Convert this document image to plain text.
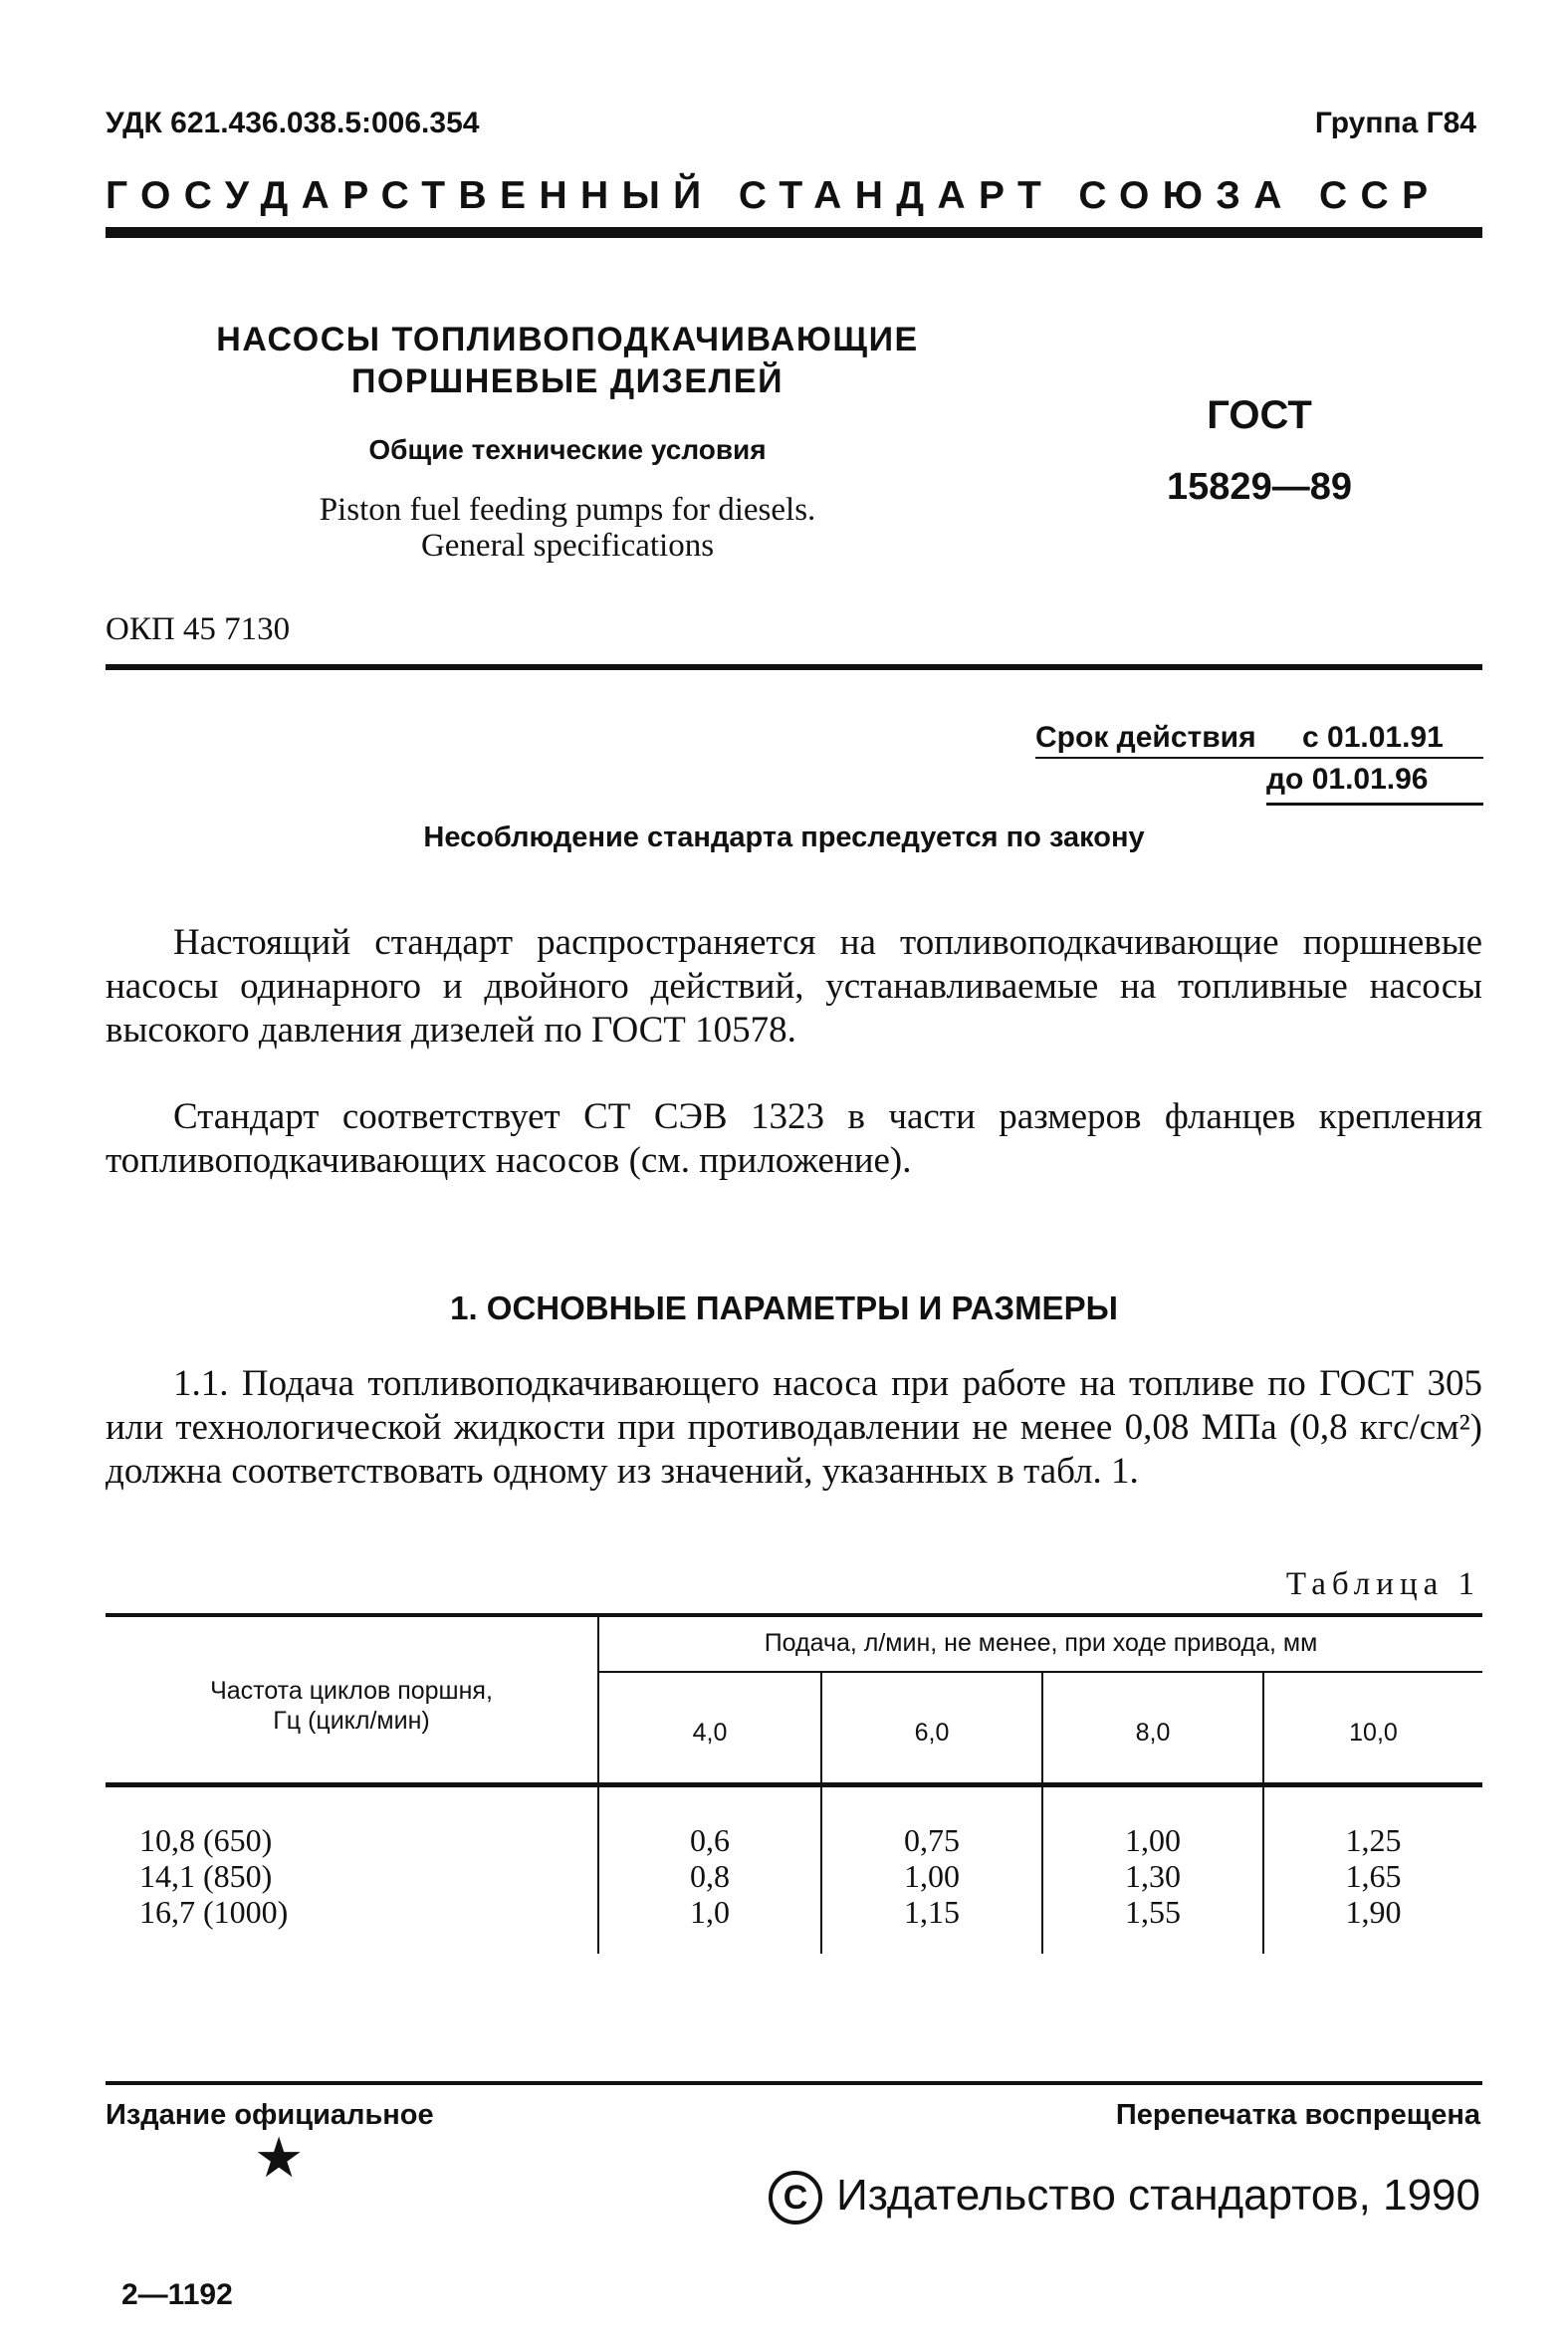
УДК 621.436.038.5:006.354	Группа Г84
ГОСУДАРСТВЕННЫЙ СТАНДАРТ СОЮЗА ССР
НАСОСЫ ТОПЛИВОПОДКАЧИВАЮЩИЕ
ПОРШНЕВЫЕ ДИЗЕЛЕЙ
Общие технические условия
Piston fuel feeding pumps for diesels.
General specifications
ГОСТ
15829—89
ОКП 45 7130
Срок действия с 01.01.91
до 01.01.96
Несоблюдение стандарта преследуется по закону

Настоящий стандарт распространяется на топливоподкачивающие поршневые насосы одинарного и двойного действий, устанавливаемые на топливные насосы высокого давления дизелей по ГОСТ 10578.

Стандарт соответствует СТ СЭВ 1323 в части размеров фланцев крепления топливоподкачивающих насосов (см. приложение).

1. ОСНОВНЫЕ ПАРАМЕТРЫ И РАЗМЕРЫ

1.1. Подача топливоподкачивающего насоса при работе на топливе по ГОСТ 305 или технологической жидкости при противодавлении не менее 0,08 МПа (0,8 кгс/см²) должна соответствовать одному из значений, указанных в табл. 1.

Таблица 1
Частота циклов поршня,
Гц (цикл/мин)
Подача, л/мин, не менее, при ходе привода, мм
4,0	6,0	8,0	10,0
10,8 (650)	0,6	0,75	1,00	1,25
14,1 (850)	0,8	1,00	1,30	1,65
16,7 (1000)	1,0	1,15	1,55	1,90
Издание официальное	Перепечатка воспрещена
★
C Издательство стандартов, 1990
2—1192
